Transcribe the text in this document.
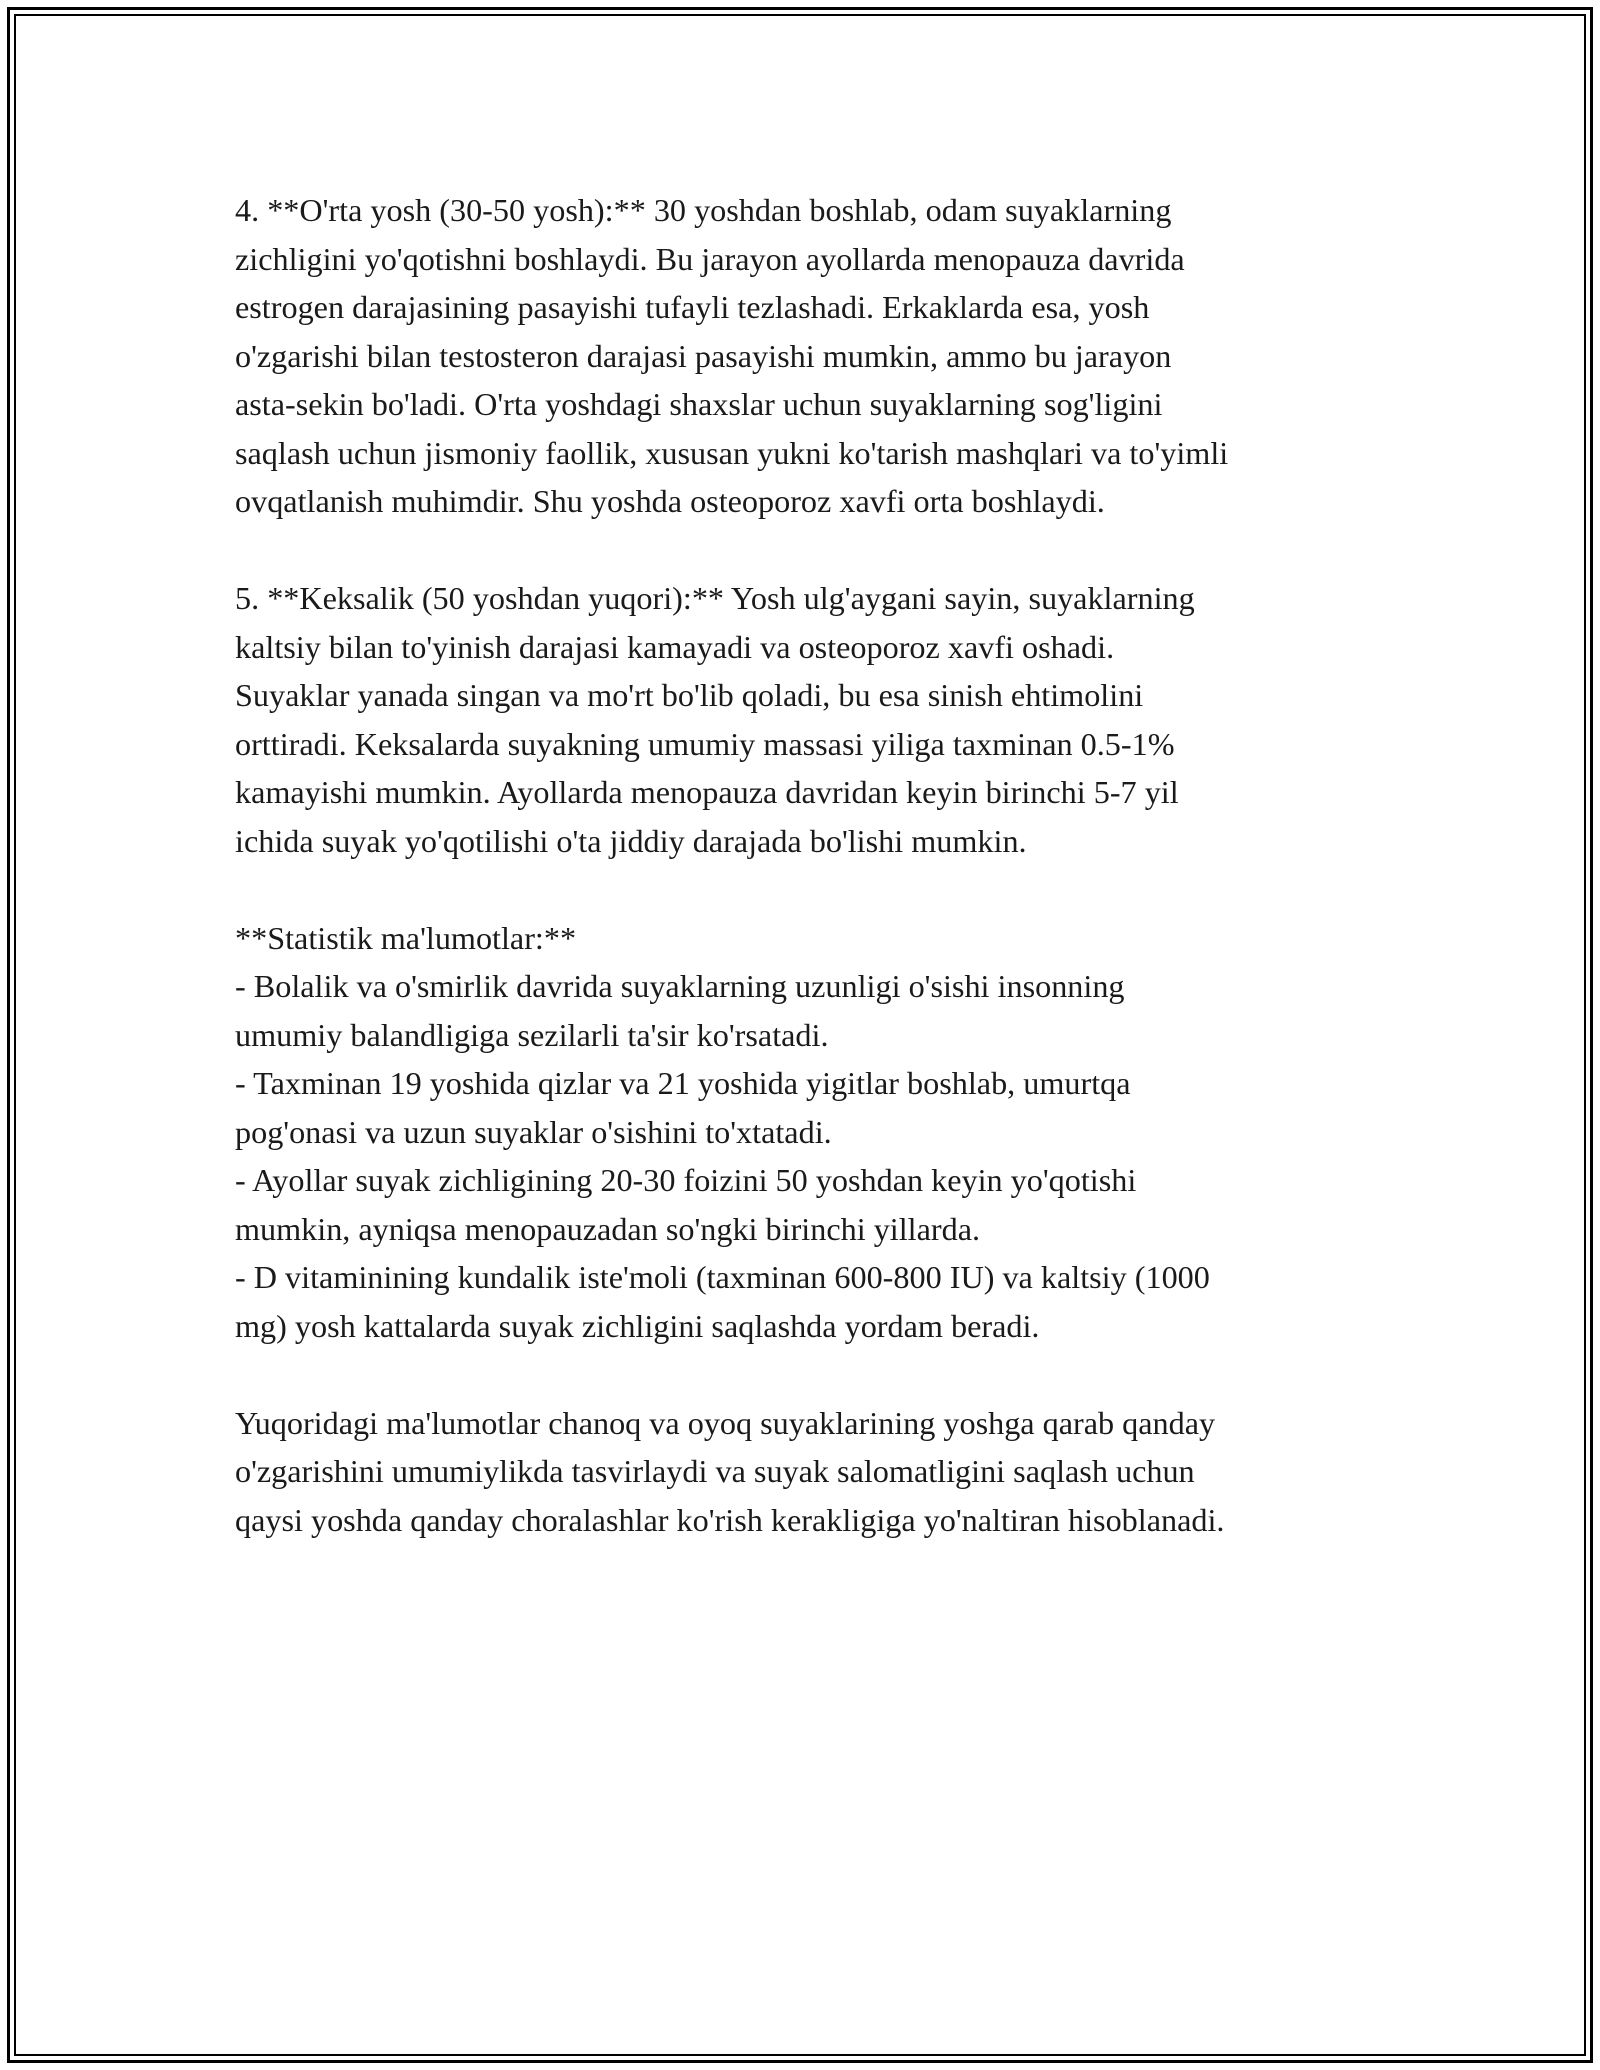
4. **O'rta yosh (30-50 yosh):** 30 yoshdan boshlab, odam suyaklarning
zichligini yo'qotishni boshlaydi. Bu jarayon ayollarda menopauza davrida
estrogen darajasining pasayishi tufayli tezlashadi. Erkaklarda esa, yosh
o'zgarishi bilan testosteron darajasi pasayishi mumkin, ammo bu jarayon
asta-sekin bo'ladi. O'rta yoshdagi shaxslar uchun suyaklarning sog'ligini
saqlash uchun jismoniy faollik, xususan yukni ko'tarish mashqlari va to'yimli
ovqatlanish muhimdir. Shu yoshda osteoporoz xavfi orta boshlaydi.
5. **Keksalik (50 yoshdan yuqori):** Yosh ulg'aygani sayin, suyaklarning
kaltsiy bilan to'yinish darajasi kamayadi va osteoporoz xavfi oshadi.
Suyaklar yanada singan va mo'rt bo'lib qoladi, bu esa sinish ehtimolini
orttiradi. Keksalarda suyakning umumiy massasi yiliga taxminan 0.5-1%
kamayishi mumkin. Ayollarda menopauza davridan keyin birinchi 5-7 yil
ichida suyak yo'qotilishi o'ta jiddiy darajada bo'lishi mumkin.
**Statistik ma'lumotlar:**
- Bolalik va o'smirlik davrida suyaklarning uzunligi o'sishi insonning
umumiy balandligiga sezilarli ta'sir ko'rsatadi.
- Taxminan 19 yoshida qizlar va 21 yoshida yigitlar boshlab, umurtqa
pog'onasi va uzun suyaklar o'sishini to'xtatadi.
- Ayollar suyak zichligining 20-30 foizini 50 yoshdan keyin yo'qotishi
mumkin, ayniqsa menopauzadan so'ngki birinchi yillarda.
- D vitaminining kundalik iste'moli (taxminan 600-800 IU) va kaltsiy (1000
mg) yosh kattalarda suyak zichligini saqlashda yordam beradi.
Yuqoridagi ma'lumotlar chanoq va oyoq suyaklarining yoshga qarab qanday
o'zgarishini umumiylikda tasvirlaydi va suyak salomatligini saqlash uchun
qaysi yoshda qanday choralashlar ko'rish kerakligiga yo'naltiran hisoblanadi.
